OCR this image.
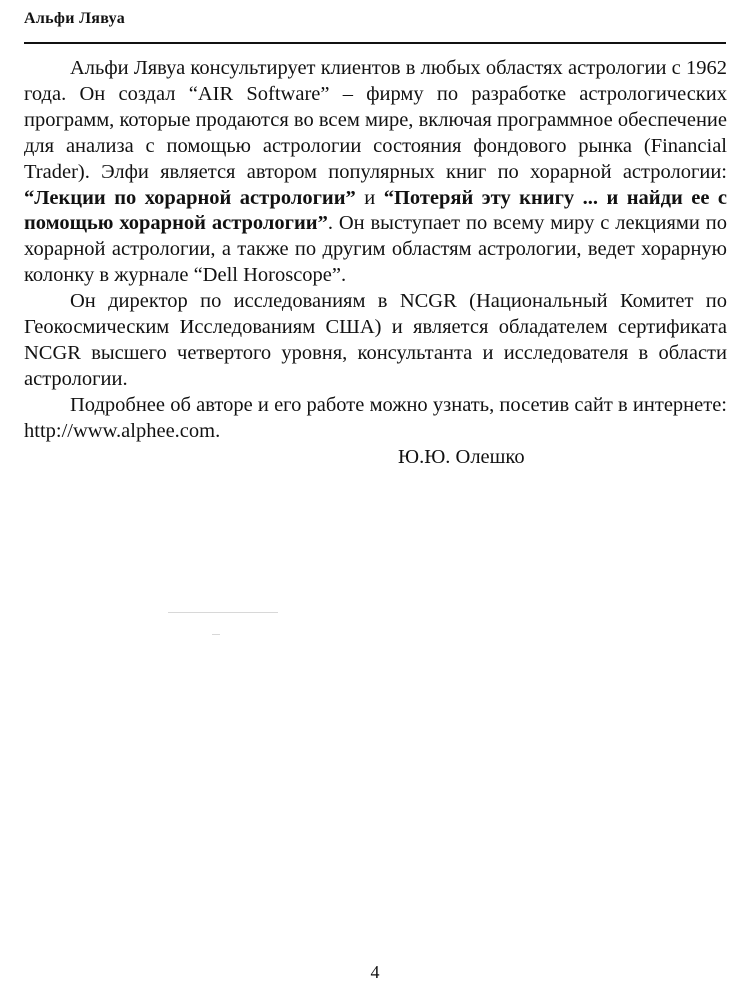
Альфи Лявуа

Альфи Лявуа консультирует клиентов в любых областях астрологии с 1962 года. Он создал “AIR Software” – фирму по разработке астрологических программ, которые продаются во всем мире, включая программное обеспечение для анализа с помощью астрологии состояния фондового рынка (Financial Trader). Элфи является автором популярных книг по хорарной астрологии: “Лекции по хорарной астрологии” и “Потеряй эту книгу ... и найди ее с помощью хорарной астрологии”. Он выступает по всему миру с лекциями по хорарной астрологии, а также по другим областям астрологии, ведет хорарную колонку в журнале “Dell Horoscope”.

Он директор по исследованиям в NCGR (Национальный Комитет по Геокосмическим Исследованиям США) и является обладателем сертификата NCGR высшего четвертого уровня, консультанта и исследователя в области астрологии.

Подробнее об авторе и его работе можно узнать, посетив сайт в интернете: http://www.alphee.com.

Ю.Ю. Олешко

4
